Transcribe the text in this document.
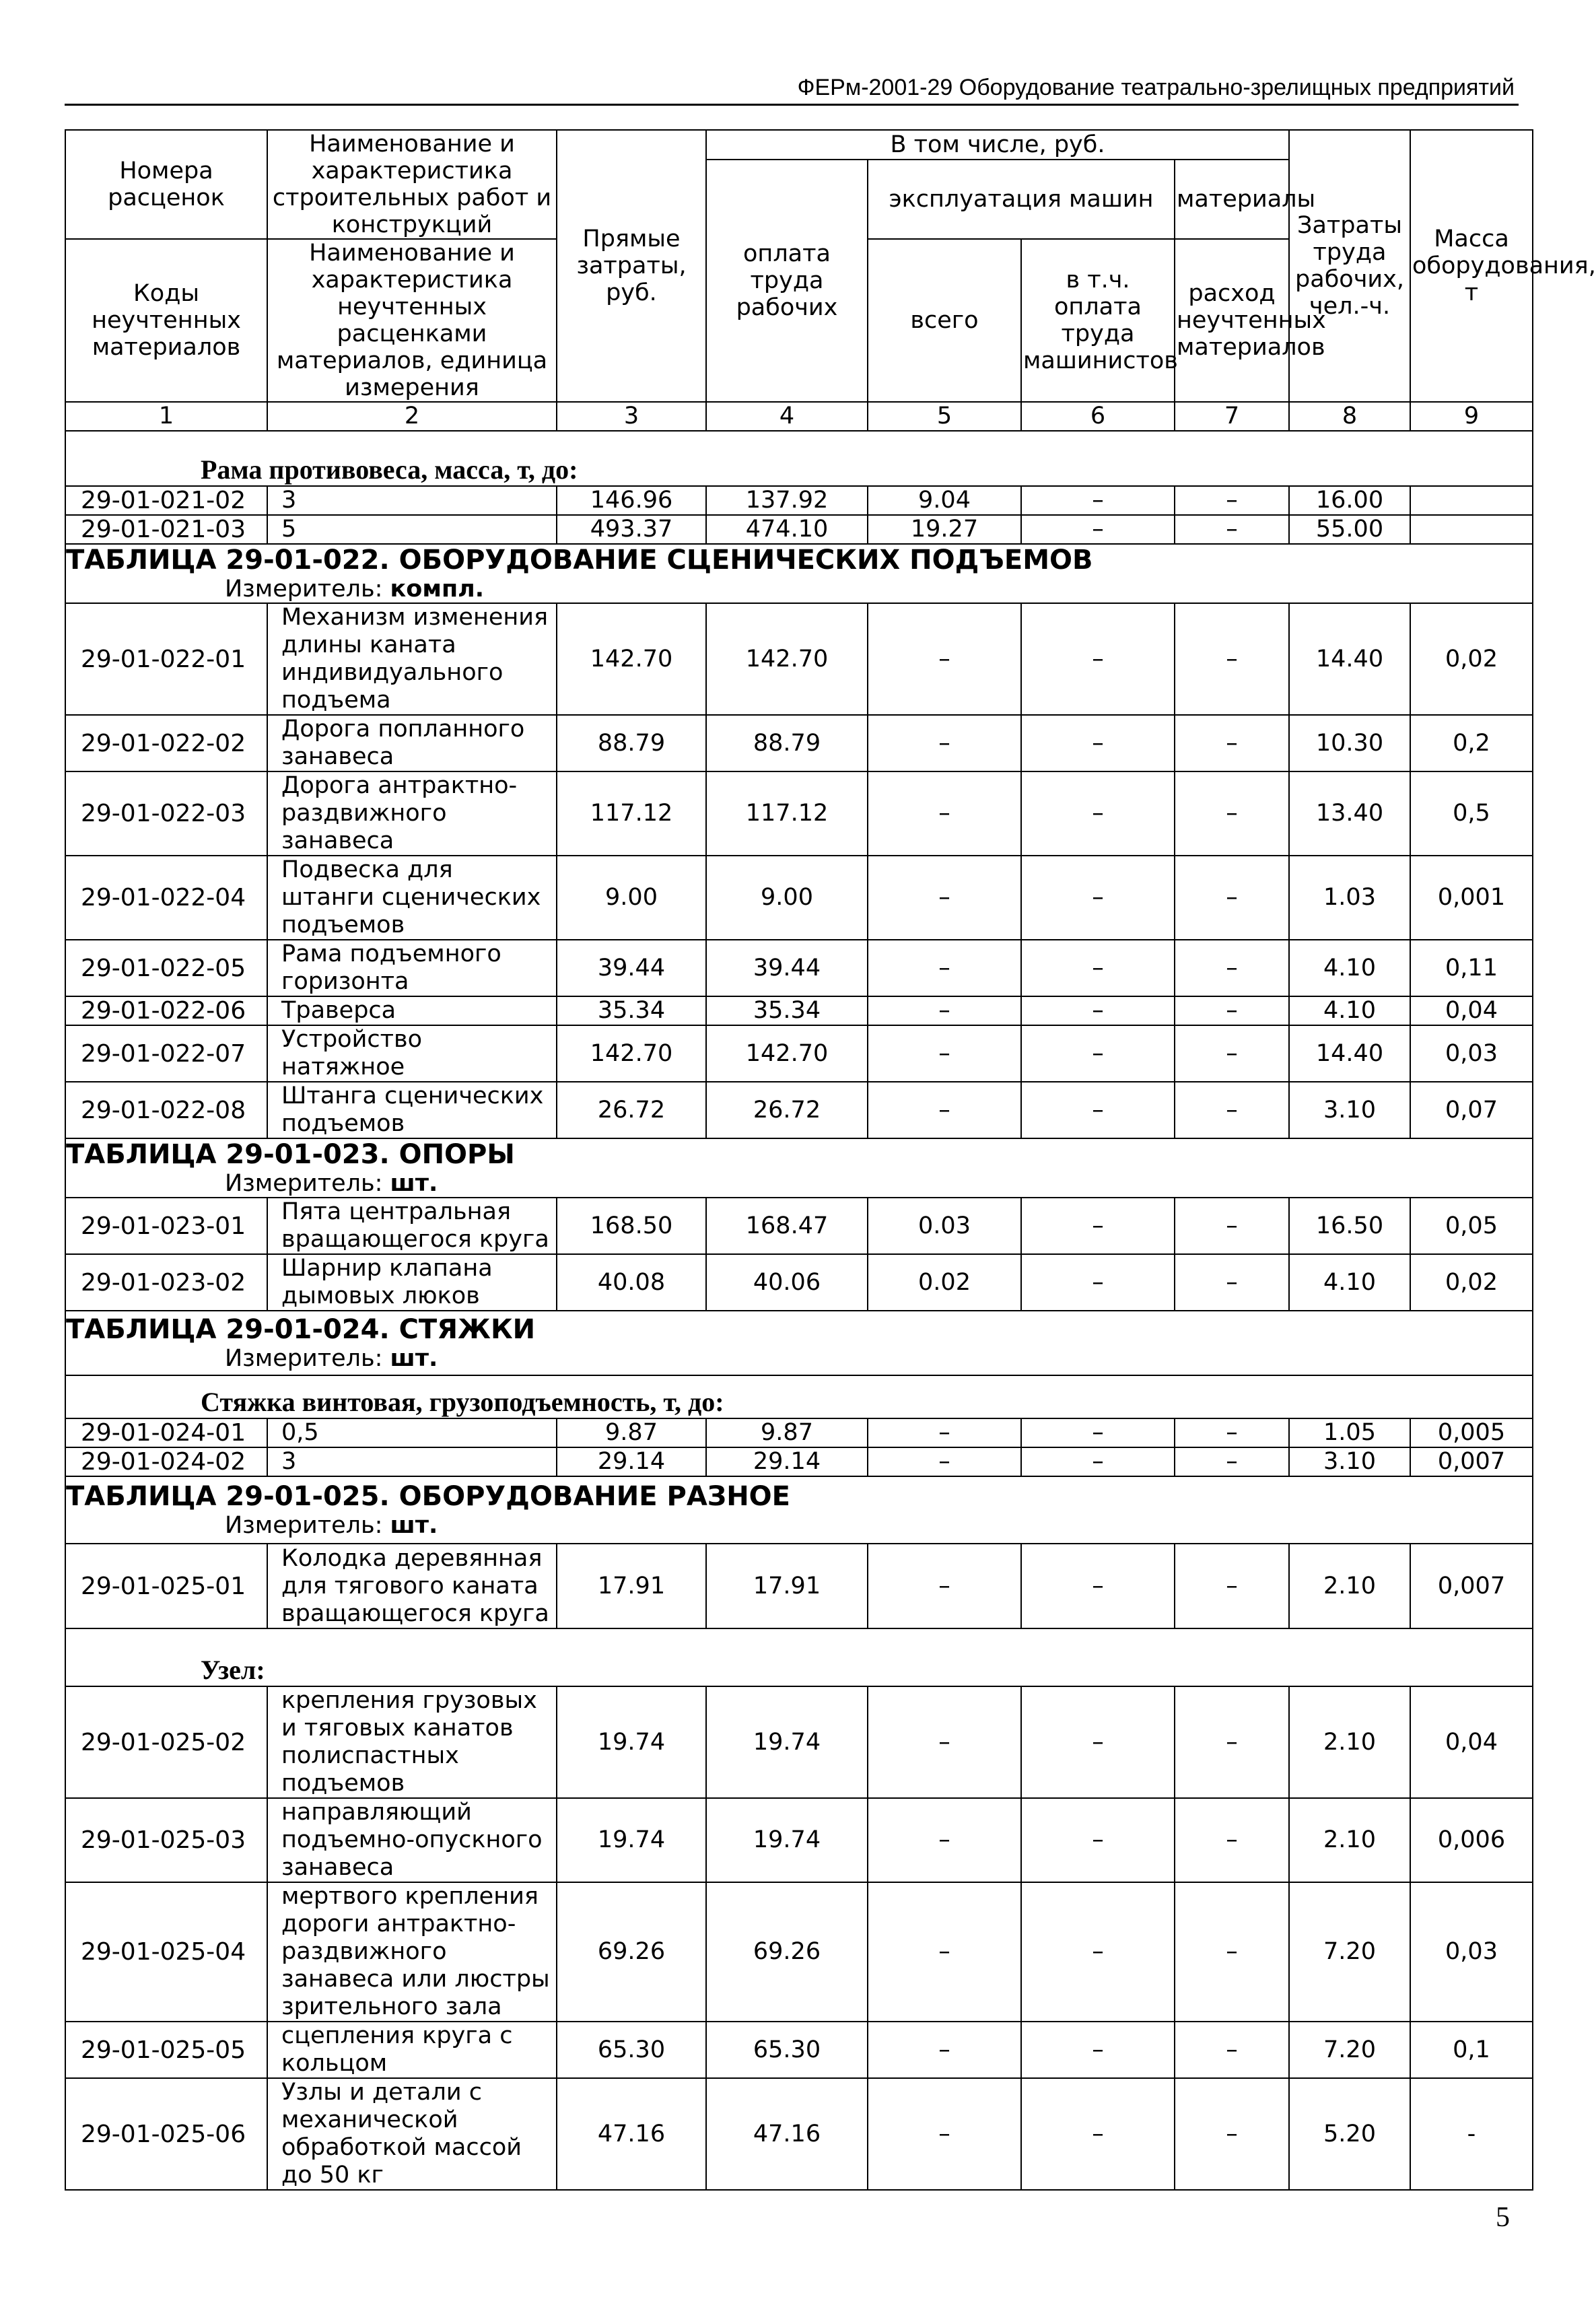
ФЕРм-2001-29 Оборудование театрально-зрелищных предприятий
Номера расценок	Наименование и характеристика строительных работ и конструкций	Прямые затраты, руб.	В том числе, руб.				Затраты труда рабочих, чел.-ч.	Масса оборудования, т
			оплата труда рабочих	эксплуатация машин		материалы		

Коды неучтенных материалов	Наименование и характеристика неучтенных расценками материалов, единица измерения			всего	в т.ч. оплата труда машинистов	расход неучтенных материалов		

1	2	3	4	5	6	7	8	9

Рама противовеса, масса, т, до:								

29-01-021-02	3	146.96	137.92	9.04	–	–	16.00	
29-01-021-03	5	493.37	474.10	19.27	–	–	55.00	

ТАБЛИЦА 29-01-022. ОБОРУДОВАНИЕ СЦЕНИЧЕСКИХ ПОДЪЕМОВ
Измеритель: компл.								

29-01-022-01	Механизм изменения длины каната индивидуального подъема	142.70	142.70	–	–	–	14.40	0,02
29-01-022-02	Дорога попланного занавеса	88.79	88.79	–	–	–	10.30	0,2
29-01-022-03	Дорога антрактно-раздвижного занавеса	117.12	117.12	–	–	–	13.40	0,5
29-01-022-04	Подвеска для штанги сценических подъемов	9.00	9.00	–	–	–	1.03	0,001
29-01-022-05	Рама подъемного горизонта	39.44	39.44	–	–	–	4.10	0,11
29-01-022-06	Траверса	35.34	35.34	–	–	–	4.10	0,04
29-01-022-07	Устройство натяжное	142.70	142.70	–	–	–	14.40	0,03
29-01-022-08	Штанга сценических подъемов	26.72	26.72	–	–	–	3.10	0,07

ТАБЛИЦА 29-01-023. ОПОРЫ
Измеритель: шт.								

29-01-023-01	Пята центральная вращающегося круга	168.50	168.47	0.03	–	–	16.50	0,05
29-01-023-02	Шарнир клапана дымовых люков	40.08	40.06	0.02	–	–	4.10	0,02

ТАБЛИЦА 29-01-024. СТЯЖКИ
Измеритель: шт.								

Стяжка винтовая, грузоподъемность, т, до:								

29-01-024-01	0,5	9.87	9.87	–	–	–	1.05	0,005
29-01-024-02	3	29.14	29.14	–	–	–	3.10	0,007

ТАБЛИЦА 29-01-025. ОБОРУДОВАНИЕ РАЗНОЕ
Измеритель: шт.								

29-01-025-01	Колодка деревянная для тягового каната вращающегося круга	17.91	17.91	–	–	–	2.10	0,007

Узел:								

29-01-025-02	крепления грузовых и тяговых канатов полиспастных подъемов	19.74	19.74	–	–	–	2.10	0,04
29-01-025-03	направляющий подъемно-опускного занавеса	19.74	19.74	–	–	–	2.10	0,006
29-01-025-04	мертвого крепления дороги антрактно-раздвижного занавеса или люстры зрительного зала	69.26	69.26	–	–	–	7.20	0,03
29-01-025-05	сцепления круга с кольцом	65.30	65.30	–	–	–	7.20	0,1
29-01-025-06	Узлы и детали с механической обработкой массой до 50 кг	47.16	47.16	–	–	–	5.20	-
5
